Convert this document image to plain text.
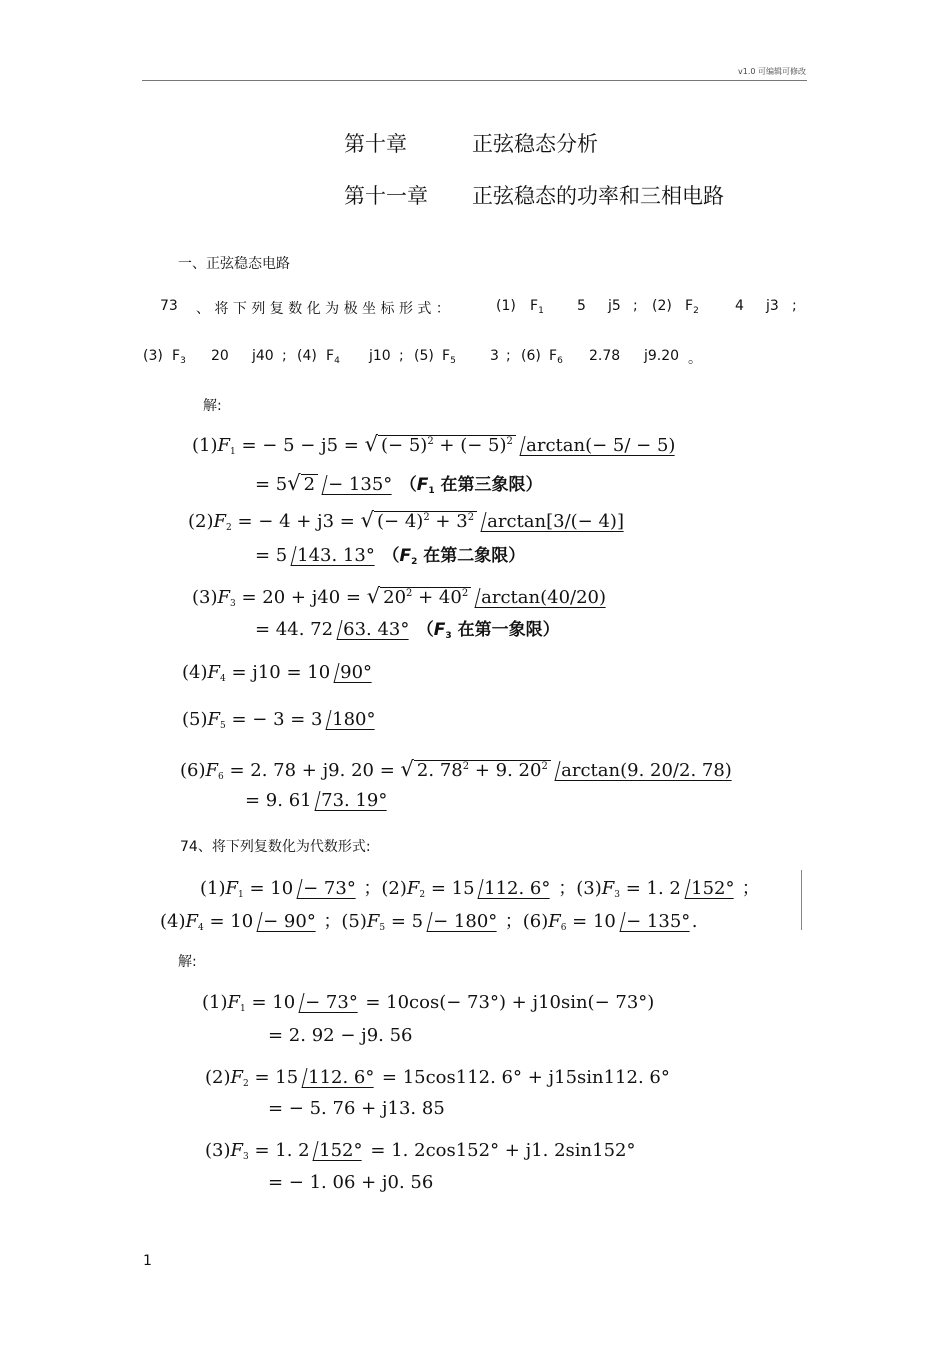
v1.0 可编辑可修改
第十章	正弦稳态分析
第十一章 正弦稳态的功率和三相电路
一、正弦稳态电路
73 、 将 下 列 复 数 化 为 极 坐 标 形 式 ：	(1) $F_1$ 5 j5 ; (2) $F_2$	4 j3 ;
(3) $F_3$ 20 j40 ; (4) $F_4$ j10 ; (5) $F_5$ 3 ; (6) $F_6$ 2.78 j9.20 。
解:
$(1)F_1$ = − 5 − j5 = √ (− 5)$^2$ + (− 5)$^2$ arctan(− 5/ − 5)
= 5√ 2 − 135° （$F_1$ 在第三象限）
$(2)F_2$ = − 4 + j3 = √ (− $4)^2 + 3^2$ arctan[3/(− 4)]
= 5 143. 13° （$F_2$ 在第二象限）
$(3)F_3 = 20 + j40$ = √ $20^2 + 40^2$ arctan(40/20)
= 44. 72 63. 43° （$F_3$ 在第一象限）
$(4)F_4 = j10 = 10$ 90°
$(5)F_5$ = − 3 = 3 180°
$(6)F_6 = 2$. 78 + j9. 20 = √ 2. $78^2 + 9$. $20^2$ arctan(9. 20/2. 78)
= 9. 61 73. 19°
74、将下列复数化为代数形式:
$(1)F_1 = 10 - 73^\circ$ ；$(2)F_2 = 15$ 112. 6° ；$(3)F_3 = 1$. 2 152° ；
$(4)F_4 = 10 - 90^\circ$ ；$(5)F_5 = 5 - 180^\circ$ ；$(6)F_6 = 10 - 135^\circ$ .
解:
$(1)F_1 = 10 - 73^\circ = 10\cos(- 73^\circ) + j10\sin(- 73^\circ)$
= 2. 92 − j9. 56
$(2)F_2 = 15$ 112. 6° = 15cos112. 6° + j15sin112. 6°
= − 5. 76 + j13. 85
$(3)F_3 = 1$. 2 152° = 1. 2cos152° + j1. 2sin152°
= − 1. 06 + j0. 56
1
